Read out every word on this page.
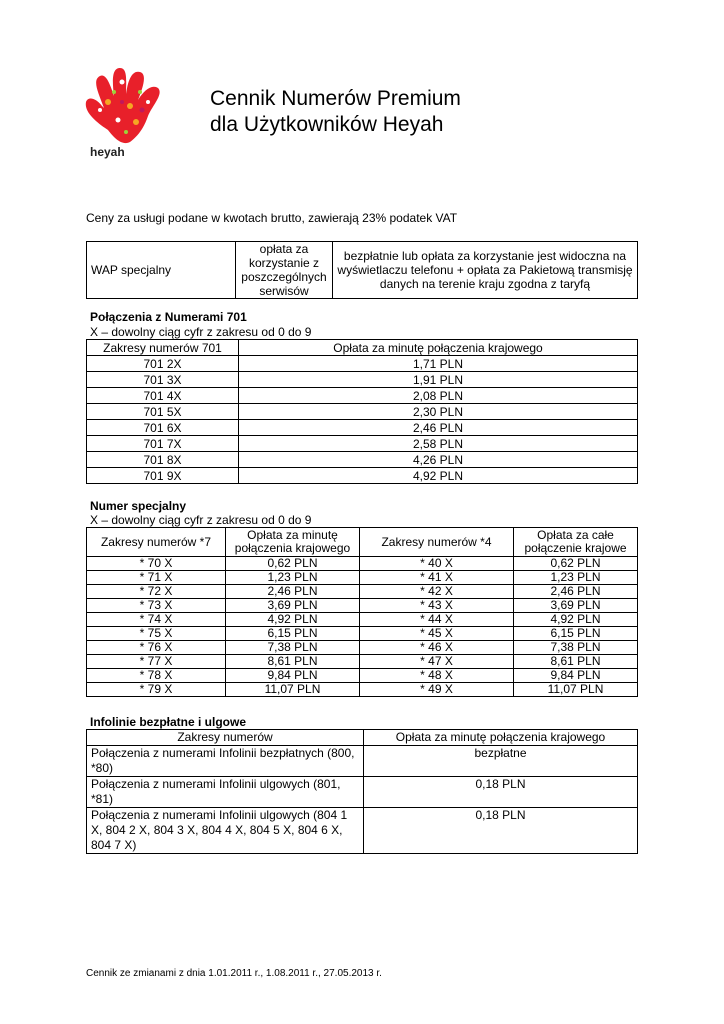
heyah
Cennik Numerów Premium
dla Użytkowników Heyah
Ceny za usługi podane w kwotach brutto, zawierają 23% podatek VAT
WAP specjalny	opłata za korzystanie z poszczególnych serwisów	bezpłatnie lub opłata za korzystanie jest widoczna na wyświetlaczu telefonu + opłata za Pakietową transmisję danych na terenie kraju zgodna z taryfą
Połączenia z Numerami 701
X – dowolny ciąg cyfr z zakresu od 0 do 9
Zakresy numerów 701	Opłata za minutę połączenia krajowego
701 2X	1,71 PLN
701 3X	1,91 PLN
701 4X	2,08 PLN
701 5X	2,30 PLN
701 6X	2,46 PLN
701 7X	2,58 PLN
701 8X	4,26 PLN
701 9X	4,92 PLN
Numer specjalny
X – dowolny ciąg cyfr z zakresu od 0 do 9
Zakresy numerów *7	Opłata za minutę połączenia krajowego	Zakresy numerów *4	Opłata za całe połączenie krajowe
* 70 X	0,62 PLN	* 40 X	0,62 PLN
* 71 X	1,23 PLN	* 41 X	1,23 PLN
* 72 X	2,46 PLN	* 42 X	2,46 PLN
* 73 X	3,69 PLN	* 43 X	3,69 PLN
* 74 X	4,92 PLN	* 44 X	4,92 PLN
* 75 X	6,15 PLN	* 45 X	6,15 PLN
* 76 X	7,38 PLN	* 46 X	7,38 PLN
* 77 X	8,61 PLN	* 47 X	8,61 PLN
* 78 X	9,84 PLN	* 48 X	9,84 PLN
* 79 X	11,07 PLN	* 49 X	11,07 PLN
Infolinie bezpłatne i ulgowe
Zakresy numerów	Opłata za minutę połączenia krajowego
Połączenia z numerami Infolinii bezpłatnych (800, *80)	bezpłatne
Połączenia z numerami Infolinii ulgowych (801, *81)	0,18 PLN
Połączenia z numerami Infolinii ulgowych (804 1 X, 804 2 X, 804 3 X, 804 4 X, 804 5 X, 804 6 X, 804 7 X)	0,18 PLN
Cennik ze zmianami z dnia 1.01.2011 r., 1.08.2011 r., 27.05.2013 r.
